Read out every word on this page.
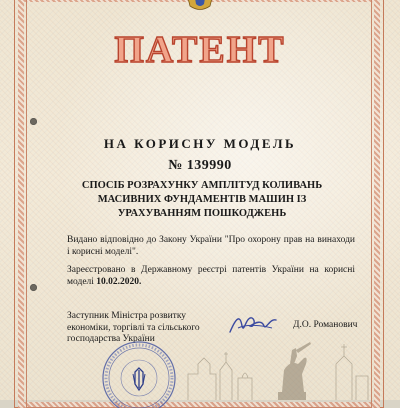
ПАТЕНТ
НА КОРИСНУ МОДЕЛЬ
№ 139990
СПОСІБ РОЗРАХУНКУ АМПЛІТУД КОЛИВАНЬ МАСИВНИХ ФУНДАМЕНТІВ МАШИН ІЗ УРАХУВАННЯМ ПОШКОДЖЕНЬ
Видано відповідно до Закону України "Про охорону прав на винаходи і корисні моделі".
Зареєстровано в Державному реєстрі патентів України на корисні моделі 10.02.2020.
Заступник Міністра розвитку економіки, торгівлі та сільського господарства України
Д.О. Романович
